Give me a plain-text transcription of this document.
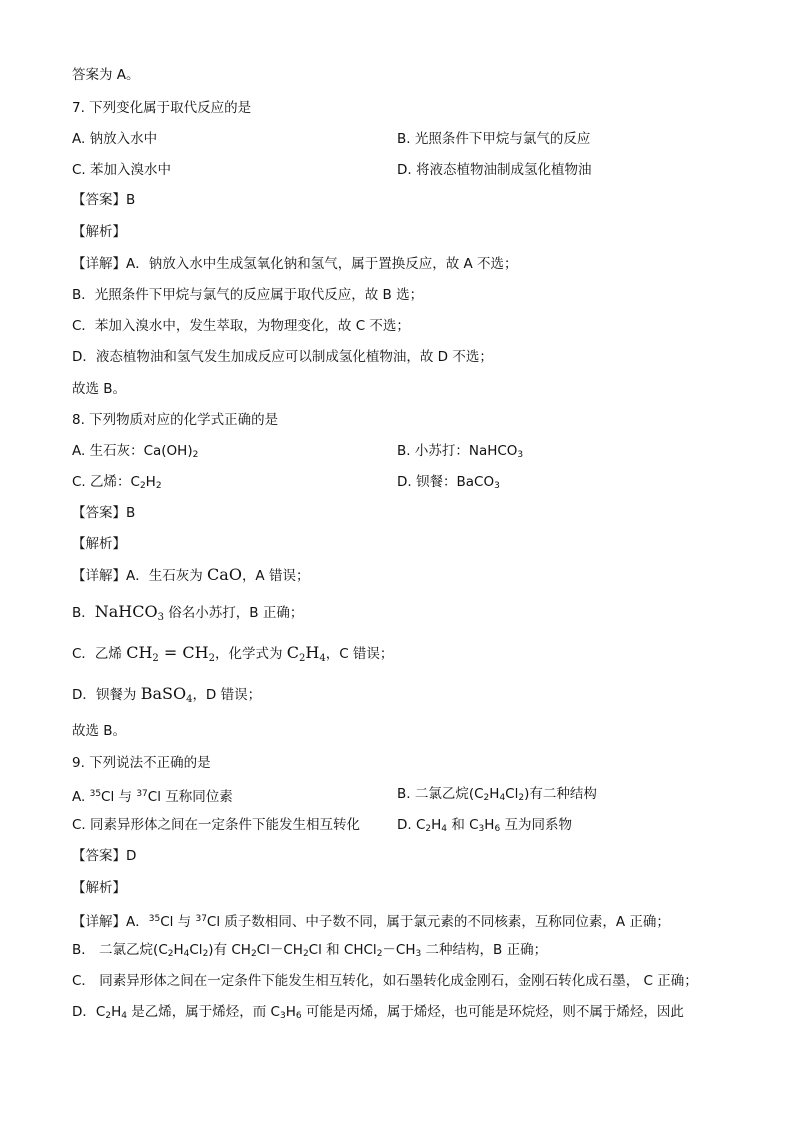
答案为 A。
7. 下列变化属于取代反应的是
A. 钠放入水中	B. 光照条件下甲烷与氯气的反应
C. 苯加入溴水中	D. 将液态植物油制成氢化植物油
【答案】B
【解析】
【详解】A．钠放入水中生成氢氧化钠和氢气，属于置换反应，故 A 不选；
B．光照条件下甲烷与氯气的反应属于取代反应，故 B 选；
C．苯加入溴水中，发生萃取，为物理变化，故 C 不选；
D．液态植物油和氢气发生加成反应可以制成氢化植物油，故 D 不选；
故选 B。
8. 下列物质对应的化学式正确的是
A. 生石灰：$Ca(OH)_2$	B. 小苏打：NaHCO$_3$
C. 乙烯：$C_2H_2$	D. 钡餐：BaCO$_3$
【答案】B
【解析】
【详解】A．生石灰为 CaO，A 错误；
B．NaHCO$_3$ 俗名小苏打，B 正确；
C．乙烯 $CH_2 = CH_2$，化学式为 $C_2H_4$，C 错误；
D．钡餐为 BaSO$_4$，D 错误；
故选 B。
9. 下列说法不正确的是
A. $^{35}$Cl 与 $^{37}$Cl 互称同位素	B. 二氯乙烷$(C_2H_4Cl_2)$有二种结构
C. 同素异形体之间在一定条件下能发生相互转化	D. $C_2H_4$ 和 $C_3H_6$ 互为同系物
【答案】D
【解析】
【详解】A．$^{35}$Cl 与 $^{37}$Cl 质子数相同、中子数不同，属于氯元素的不同核素，互称同位素，A 正确；
B． 二氯乙烷$(C_2H_4Cl_2)$有 $CH_2Cl-CH_2Cl$ 和 $CHCl_2-CH_3$ 二种结构，B 正确；
C． 同素异形体之间在一定条件下能发生相互转化，如石墨转化成金刚石，金刚石转化成石墨， C 正确；
D．$C_2H_4$ 是乙烯，属于烯烃，而 $C_3H_6$ 可能是丙烯，属于烯烃，也可能是环烷烃，则不属于烯烃，因此
